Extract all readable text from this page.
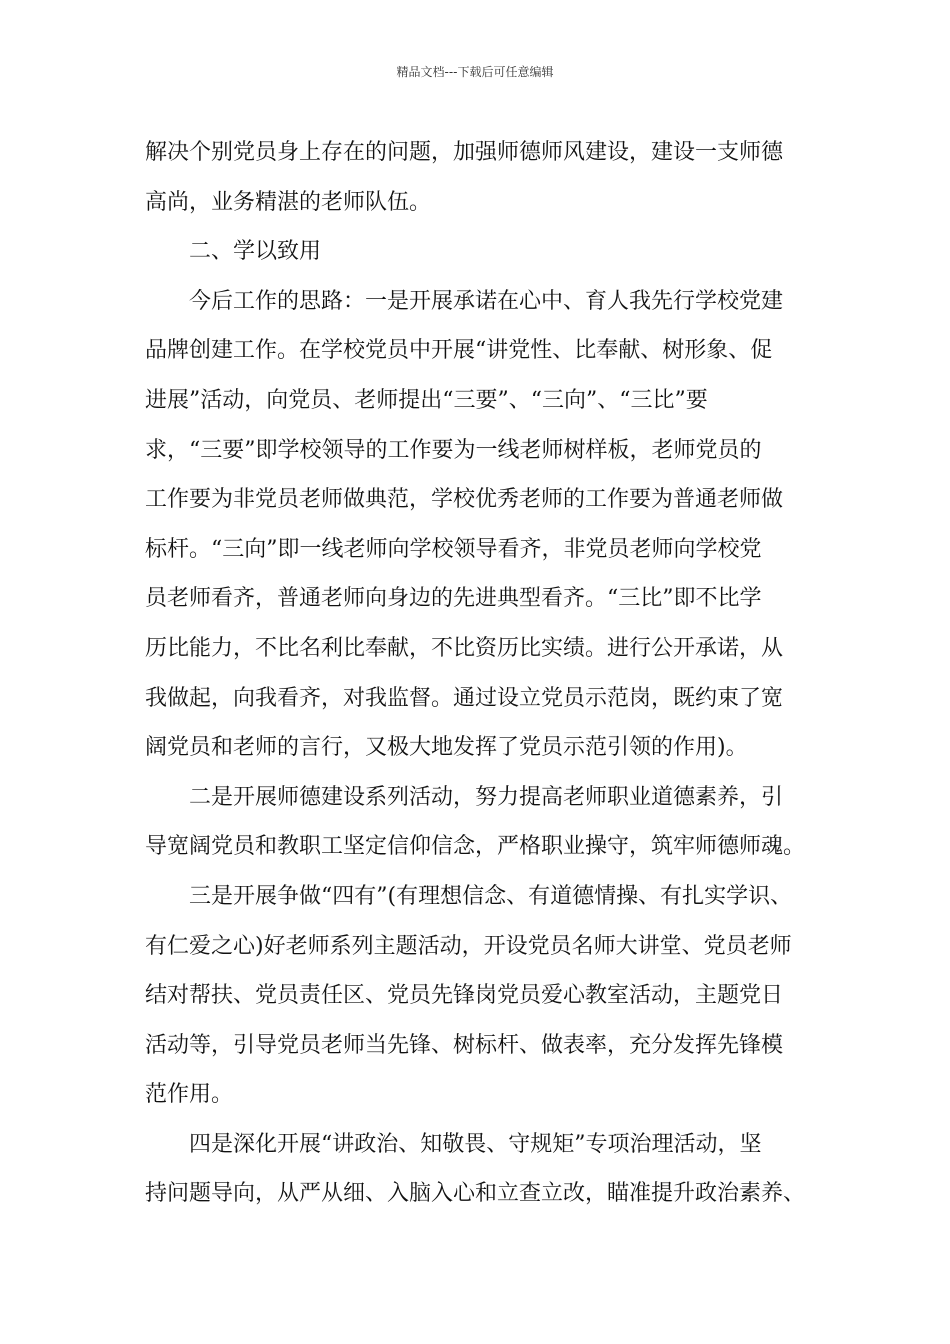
精品文档---下载后可任意编辑
解决个别党员身上存在的问题，加强师德师风建设，建设一支师德
高尚，业务精湛的老师队伍。
二、学以致用
今后工作的思路：一是开展承诺在心中、育人我先行学校党建
品牌创建工作。在学校党员中开展“讲党性、比奉献、树形象、促
进展”活动，向党员、老师提出“三要”、“三向”、“三比”要
求，“三要”即学校领导的工作要为一线老师树样板，老师党员的
工作要为非党员老师做典范，学校优秀老师的工作要为普通老师做
标杆。“三向”即一线老师向学校领导看齐，非党员老师向学校党
员老师看齐，普通老师向身边的先进典型看齐。“三比”即不比学
历比能力，不比名利比奉献，不比资历比实绩。进行公开承诺，从
我做起，向我看齐，对我监督。通过设立党员示范岗，既约束了宽
阔党员和老师的言行，又极大地发挥了党员示范引领的作用)。
二是开展师德建设系列活动，努力提高老师职业道德素养，引
导宽阔党员和教职工坚定信仰信念，严格职业操守，筑牢师德师魂。
三是开展争做“四有”(有理想信念、有道德情操、有扎实学识、
有仁爱之心)好老师系列主题活动，开设党员名师大讲堂、党员老师
结对帮扶、党员责任区、党员先锋岗党员爱心教室活动，主题党日
活动等，引导党员老师当先锋、树标杆、做表率，充分发挥先锋模
范作用。
四是深化开展“讲政治、知敬畏、守规矩”专项治理活动，坚
持问题导向，从严从细、入脑入心和立查立改，瞄准提升政治素养、
